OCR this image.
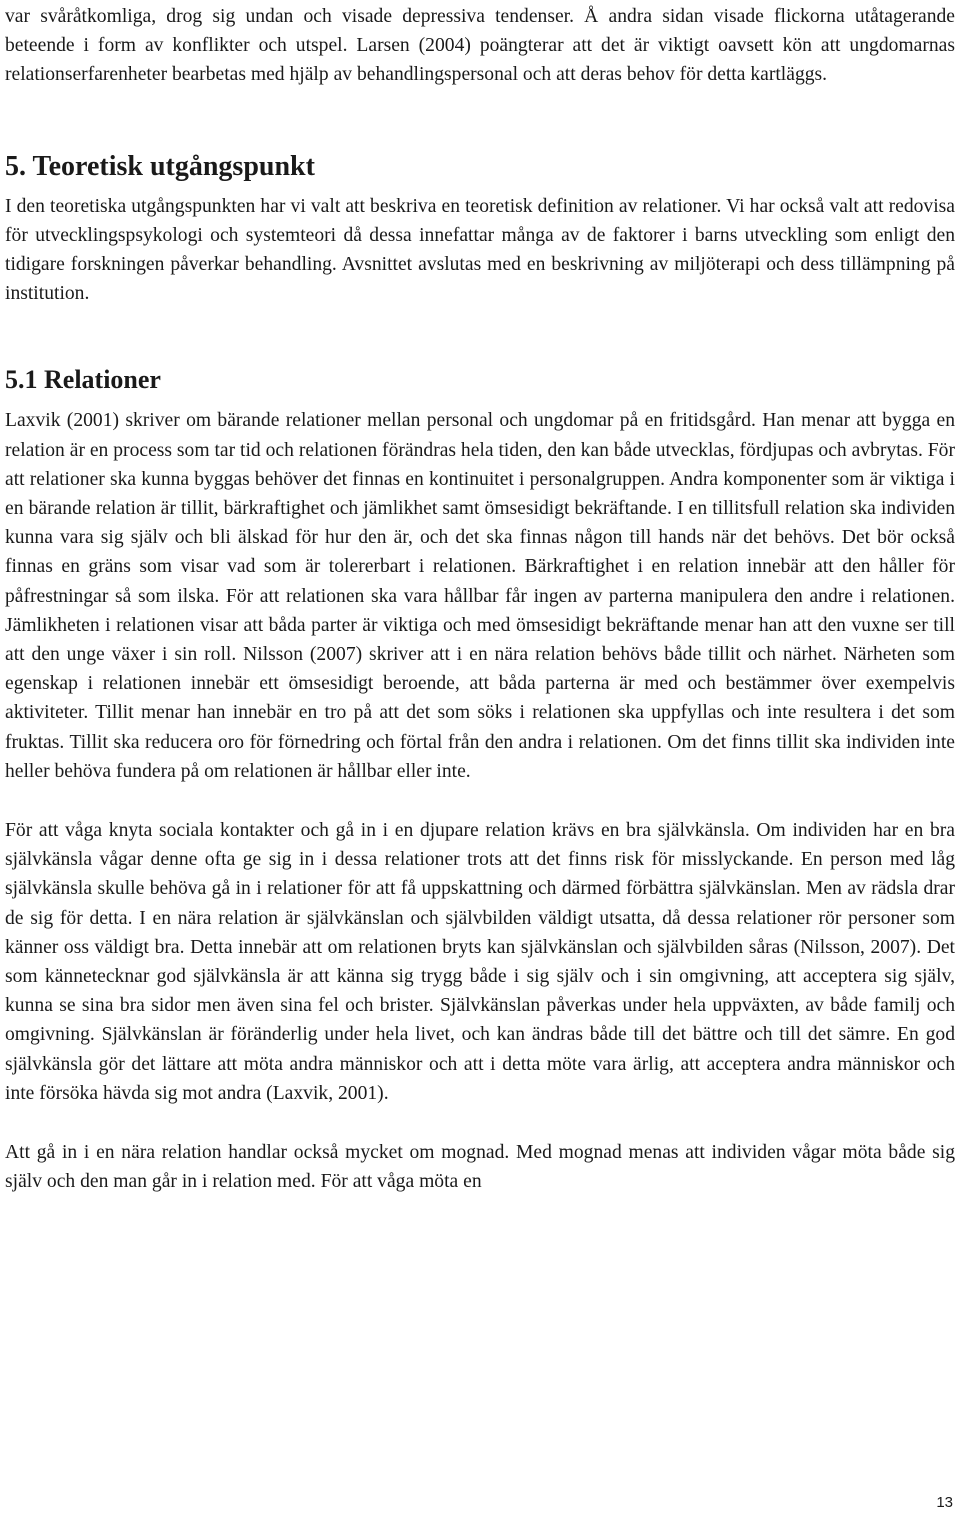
var svåråtkomliga, drog sig undan och visade depressiva tendenser. Å andra sidan visade flickorna utåtagerande beteende i form av konflikter och utspel. Larsen (2004) poängterar att det är viktigt oavsett kön att ungdomarnas relationserfarenheter bearbetas med hjälp av behandlingspersonal och att deras behov för detta kartläggs.

5. Teoretisk utgångspunkt

I den teoretiska utgångspunkten har vi valt att beskriva en teoretisk definition av relationer. Vi har också valt att redovisa för utvecklingspsykologi och systemteori då dessa innefattar många av de faktorer i barns utveckling som enligt den tidigare forskningen påverkar behandling. Avsnittet avslutas med en beskrivning av miljöterapi och dess tillämpning på institution.

5.1 Relationer

Laxvik (2001) skriver om bärande relationer mellan personal och ungdomar på en fritidsgård. Han menar att bygga en relation är en process som tar tid och relationen förändras hela tiden, den kan både utvecklas, fördjupas och avbrytas. För att relationer ska kunna byggas behöver det finnas en kontinuitet i personalgruppen. Andra komponenter som är viktiga i en bärande relation är tillit, bärkraftighet och jämlikhet samt ömsesidigt bekräftande. I en tillitsfull relation ska individen kunna vara sig själv och bli älskad för hur den är, och det ska finnas någon till hands när det behövs. Det bör också finnas en gräns som visar vad som är tolererbart i relationen. Bärkraftighet i en relation innebär att den håller för påfrestningar så som ilska. För att relationen ska vara hållbar får ingen av parterna manipulera den andre i relationen. Jämlikheten i relationen visar att båda parter är viktiga och med ömsesidigt bekräftande menar han att den vuxne ser till att den unge växer i sin roll. Nilsson (2007) skriver att i en nära relation behövs både tillit och närhet. Närheten som egenskap i relationen innebär ett ömsesidigt beroende, att båda parterna är med och bestämmer över exempelvis aktiviteter. Tillit menar han innebär en tro på att det som söks i relationen ska uppfyllas och inte resultera i det som fruktas. Tillit ska reducera oro för förnedring och förtal från den andra i relationen. Om det finns tillit ska individen inte heller behöva fundera på om relationen är hållbar eller inte.

För att våga knyta sociala kontakter och gå in i en djupare relation krävs en bra självkänsla. Om individen har en bra självkänsla vågar denne ofta ge sig in i dessa relationer trots att det finns risk för misslyckande. En person med låg självkänsla skulle behöva gå in i relationer för att få uppskattning och därmed förbättra självkänslan. Men av rädsla drar de sig för detta. I en nära relation är självkänslan och självbilden väldigt utsatta, då dessa relationer rör personer som känner oss väldigt bra. Detta innebär att om relationen bryts kan självkänslan och självbilden såras (Nilsson, 2007). Det som kännetecknar god självkänsla är att känna sig trygg både i sig själv och i sin omgivning, att acceptera sig själv, kunna se sina bra sidor men även sina fel och brister. Självkänslan påverkas under hela uppväxten, av både familj och omgivning. Självkänslan är föränderlig under hela livet, och kan ändras både till det bättre och till det sämre. En god självkänsla gör det lättare att möta andra människor och att i detta möte vara ärlig, att acceptera andra människor och inte försöka hävda sig mot andra (Laxvik, 2001).

Att gå in i en nära relation handlar också mycket om mognad. Med mognad menas att individen vågar möta både sig själv och den man går in i relation med. För att våga möta en

13
